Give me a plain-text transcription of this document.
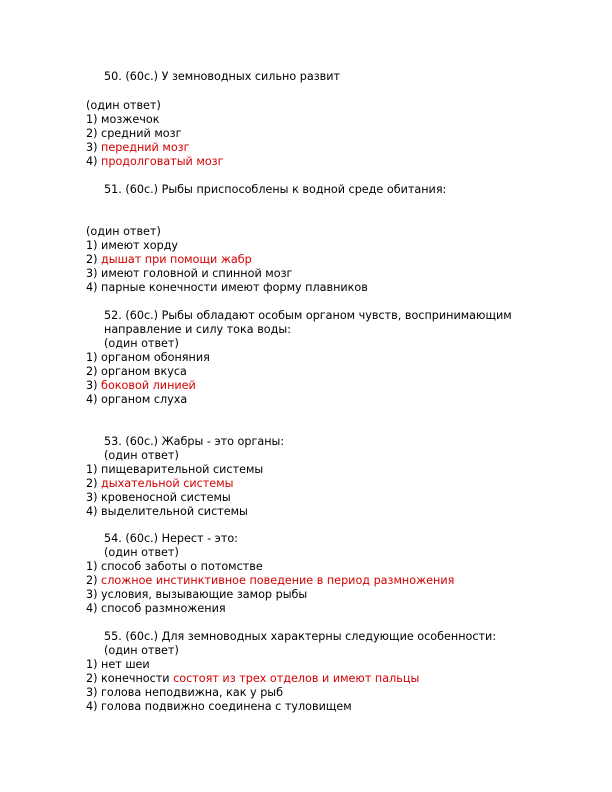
50. (60c.) У земноводных сильно развит
(один ответ)
1) мозжечок
2) средний мозг
3) передний мозг
4) продолговатый мозг
51. (60c.) Рыбы приспособлены к водной среде обитания:
(один ответ)
1) имеют хорду
2) дышат при помощи жабр
3) имеют головной и спинной мозг
4) парные конечности имеют форму плавников
52. (60c.) Рыбы обладают особым органом чувств, воспринимающим
направление и силу тока воды:
(один ответ)
1) органом обоняния
2) органом вкуса
3) боковой линией
4) органом слуха
53. (60c.) Жабры - это органы:
(один ответ)
1) пищеварительной системы
2) дыхательной системы
3) кровеносной системы
4) выделительной системы
54. (60c.) Нерест - это:
(один ответ)
1) способ заботы о потомстве
2) сложное инстинктивное поведение в период размножения
3) условия, вызывающие замор рыбы
4) способ размножения
55. (60c.) Для земноводных характерны следующие особенности:
(один ответ)
1) нет шеи
2) конечности состоят из трех отделов и имеют пальцы
3) голова неподвижна, как у рыб
4) голова подвижно соединена с туловищем
